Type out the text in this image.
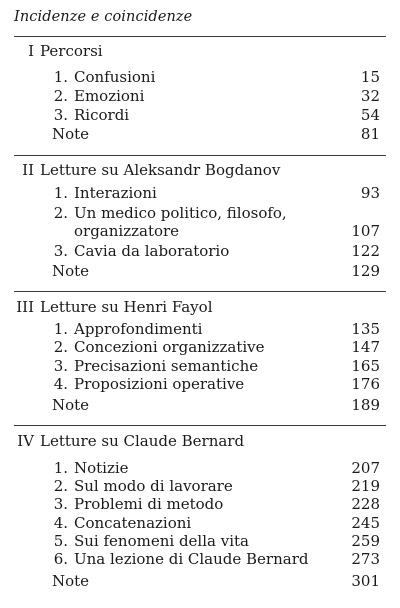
Incidenze e coincidenze
I Percorsi
1. Confusioni	15
2. Emozioni	32
3. Ricordi	54
Note	81
II Letture su Aleksandr Bogdanov
1. Interazioni	93
2. Un medico politico, filosofo,
organizzatore	107
3. Cavia da laboratorio	122
Note	129
III Letture su Henri Fayol
1. Approfondimenti	135
2. Concezioni organizzative	147
3. Precisazioni semantiche	165
4. Proposizioni operative	176
Note	189
IV Letture su Claude Bernard
1. Notizie	207
2. Sul modo di lavorare	219
3. Problemi di metodo	228
4. Concatenazioni	245
5. Sui fenomeni della vita	259
6. Una lezione di Claude Bernard	273
Note	301
